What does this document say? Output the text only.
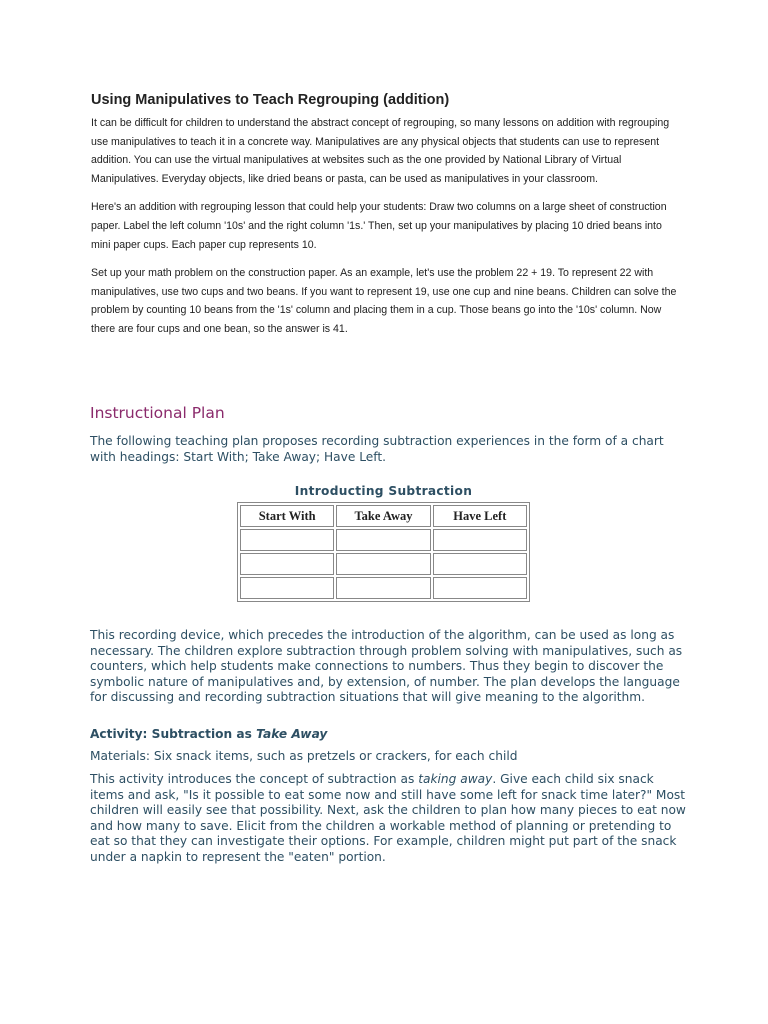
Using Manipulatives to Teach Regrouping (addition)

It can be difficult for children to understand the abstract concept of regrouping, so many lessons on addition with regrouping use manipulatives to teach it in a concrete way. Manipulatives are any physical objects that students can use to represent addition. You can use the virtual manipulatives at websites such as the one provided by National Library of Virtual Manipulatives. Everyday objects, like dried beans or pasta, can be used as manipulatives in your classroom.

Here's an addition with regrouping lesson that could help your students: Draw two columns on a large sheet of construction paper. Label the left column '10s' and the right column '1s.' Then, set up your manipulatives by placing 10 dried beans into mini paper cups. Each paper cup represents 10.

Set up your math problem on the construction paper. As an example, let's use the problem 22 + 19. To represent 22 with manipulatives, use two cups and two beans. If you want to represent 19, use one cup and nine beans. Children can solve the problem by counting 10 beans from the '1s' column and placing them in a cup. Those beans go into the '10s' column. Now there are four cups and one bean, so the answer is 41.

Instructional Plan

The following teaching plan proposes recording subtraction experiences in the form of a chart with headings: Start With; Take Away; Have Left.

Introducting Subtraction
Start With	Take Away	Have Left

This recording device, which precedes the introduction of the algorithm, can be used as long as necessary. The children explore subtraction through problem solving with manipulatives, such as counters, which help students make connections to numbers. Thus they begin to discover the symbolic nature of manipulatives and, by extension, of number. The plan develops the language for discussing and recording subtraction situations that will give meaning to the algorithm.

Activity: Subtraction as Take Away

Materials: Six snack items, such as pretzels or crackers, for each child

This activity introduces the concept of subtraction as taking away. Give each child six snack items and ask, "Is it possible to eat some now and still have some left for snack time later?" Most children will easily see that possibility. Next, ask the children to plan how many pieces to eat now and how many to save. Elicit from the children a workable method of planning or pretending to eat so that they can investigate their options. For example, children might put part of the snack under a napkin to represent the "eaten" portion.
